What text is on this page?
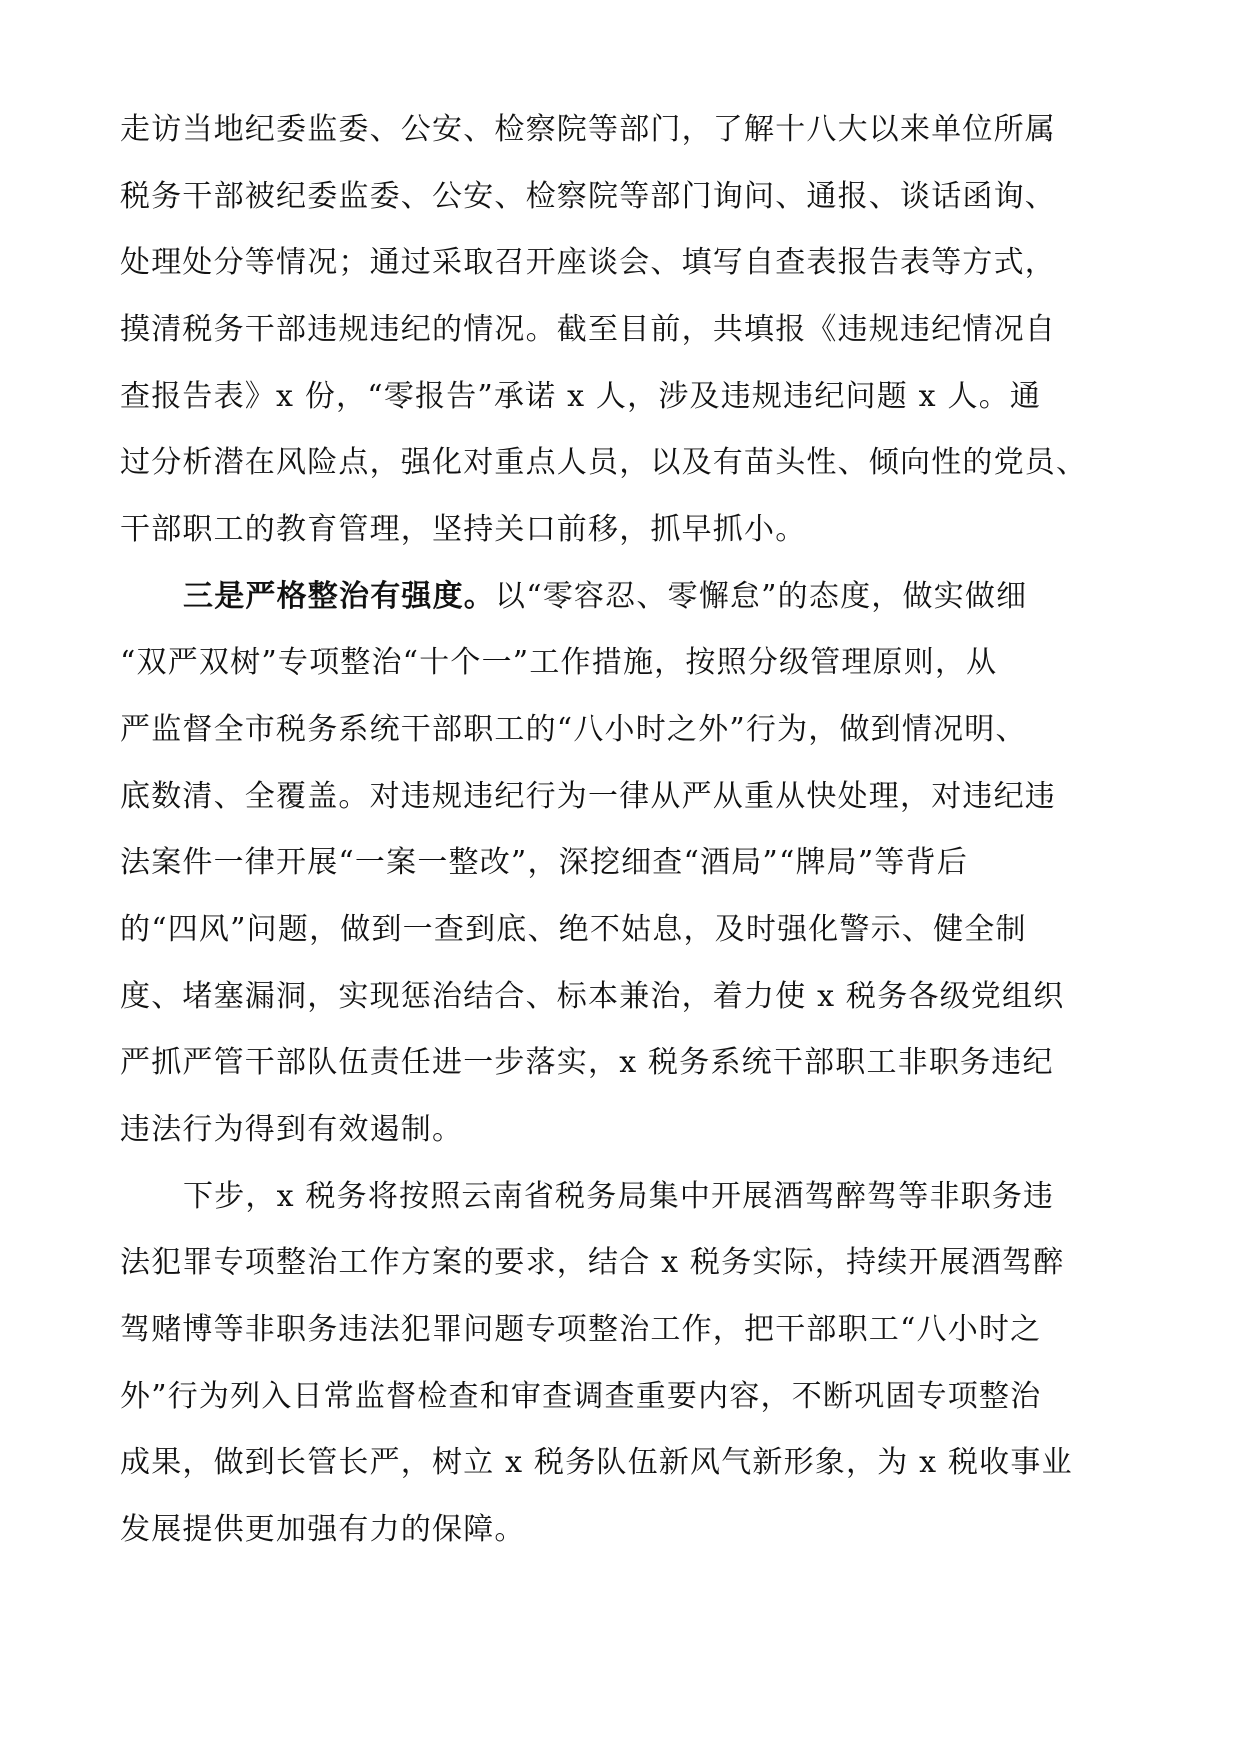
走访当地纪委监委、公安、检察院等部门，了解十八大以来单位所属
税务干部被纪委监委、公安、检察院等部门询问、通报、谈话函询、
处理处分等情况；通过采取召开座谈会、填写自查表报告表等方式，
摸清税务干部违规违纪的情况。截至目前，共填报《违规违纪情况自
查报告表》x 份，“零报告”承诺 x 人，涉及违规违纪问题 x 人。通
过分析潜在风险点，强化对重点人员，以及有苗头性、倾向性的党员、
干部职工的教育管理，坚持关口前移，抓早抓小。
三是严格整治有强度。以“零容忍、零懈怠”的态度，做实做细
“双严双树”专项整治“十个一”工作措施，按照分级管理原则，从
严监督全市税务系统干部职工的“八小时之外”行为，做到情况明、
底数清、全覆盖。对违规违纪行为一律从严从重从快处理，对违纪违
法案件一律开展“一案一整改”，深挖细查“酒局”“牌局”等背后
的“四风”问题，做到一查到底、绝不姑息，及时强化警示、健全制
度、堵塞漏洞，实现惩治结合、标本兼治，着力使 x 税务各级党组织
严抓严管干部队伍责任进一步落实，x 税务系统干部职工非职务违纪
违法行为得到有效遏制。
下步，x 税务将按照云南省税务局集中开展酒驾醉驾等非职务违
法犯罪专项整治工作方案的要求，结合 x 税务实际，持续开展酒驾醉
驾赌博等非职务违法犯罪问题专项整治工作，把干部职工“八小时之
外”行为列入日常监督检查和审查调查重要内容，不断巩固专项整治
成果，做到长管长严，树立 x 税务队伍新风气新形象，为 x 税收事业
发展提供更加强有力的保障。
